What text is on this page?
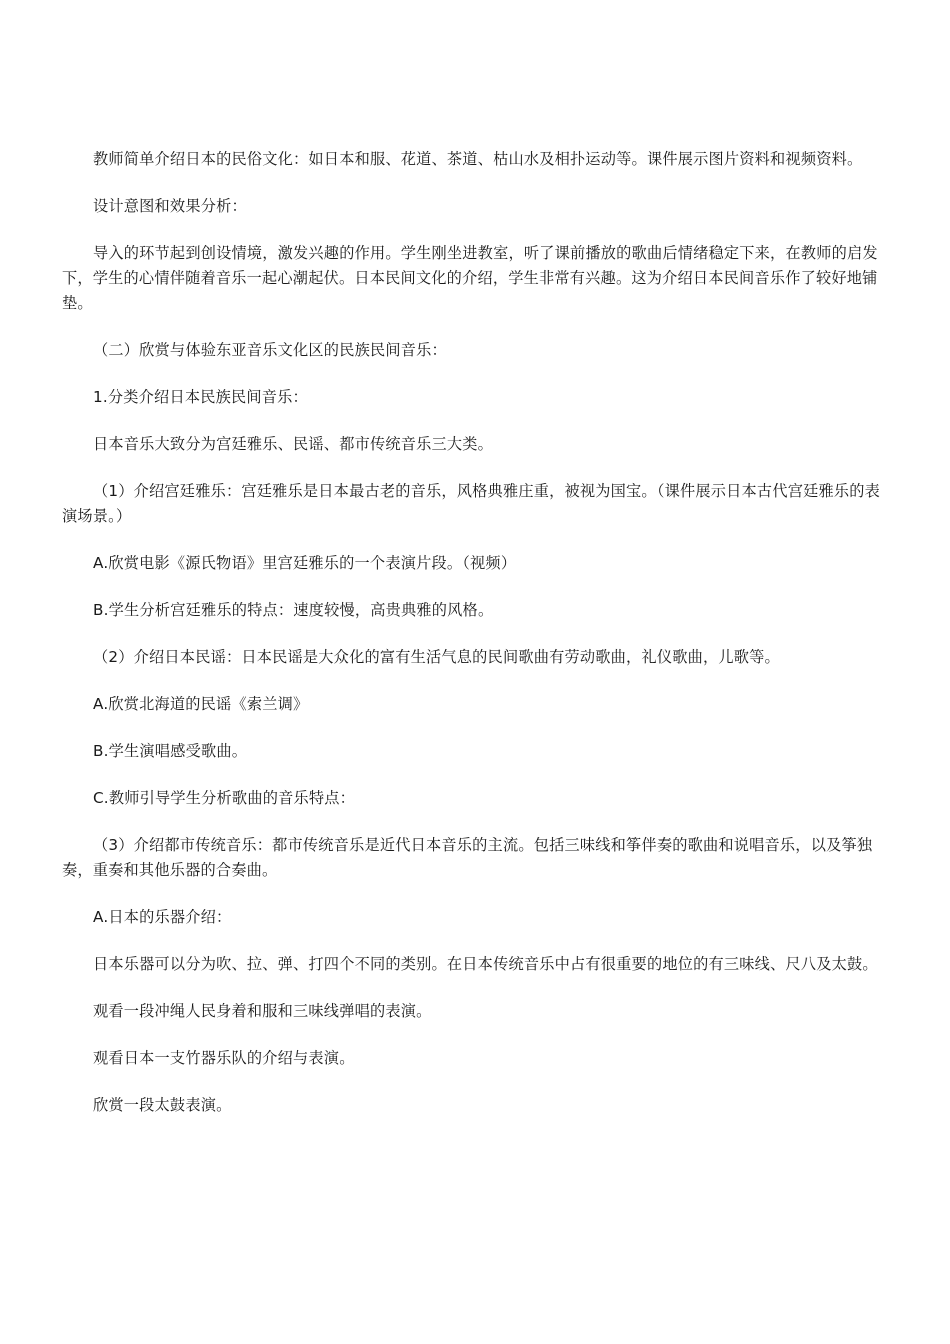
教师简单介绍日本的民俗文化：如日本和服、花道、茶道、枯山水及相扑运动等。课件展示图片资料和视频资料。

设计意图和效果分析：

导入的环节起到创设情境，激发兴趣的作用。学生刚坐进教室，听了课前播放的歌曲后情绪稳定下来，在教师的启发下，学生的心情伴随着音乐一起心潮起伏。日本民间文化的介绍，学生非常有兴趣。这为介绍日本民间音乐作了较好地铺垫。

（二）欣赏与体验东亚音乐文化区的民族民间音乐：

1.分类介绍日本民族民间音乐：

日本音乐大致分为宫廷雅乐、民谣、都市传统音乐三大类。

（1）介绍宫廷雅乐：宫廷雅乐是日本最古老的音乐，风格典雅庄重，被视为国宝。（课件展示日本古代宫廷雅乐的表演场景。）

A.欣赏电影《源氏物语》里宫廷雅乐的一个表演片段。（视频）

B.学生分析宫廷雅乐的特点：速度较慢，高贵典雅的风格。

（2）介绍日本民谣：日本民谣是大众化的富有生活气息的民间歌曲有劳动歌曲，礼仪歌曲，儿歌等。

A.欣赏北海道的民谣《索兰调》

B.学生演唱感受歌曲。

C.教师引导学生分析歌曲的音乐特点：

（3）介绍都市传统音乐：都市传统音乐是近代日本音乐的主流。包括三味线和筝伴奏的歌曲和说唱音乐，以及筝独奏，重奏和其他乐器的合奏曲。

A.日本的乐器介绍：

日本乐器可以分为吹、拉、弹、打四个不同的类别。在日本传统音乐中占有很重要的地位的有三味线、尺八及太鼓。

观看一段冲绳人民身着和服和三味线弹唱的表演。

观看日本一支竹器乐队的介绍与表演。

欣赏一段太鼓表演。
